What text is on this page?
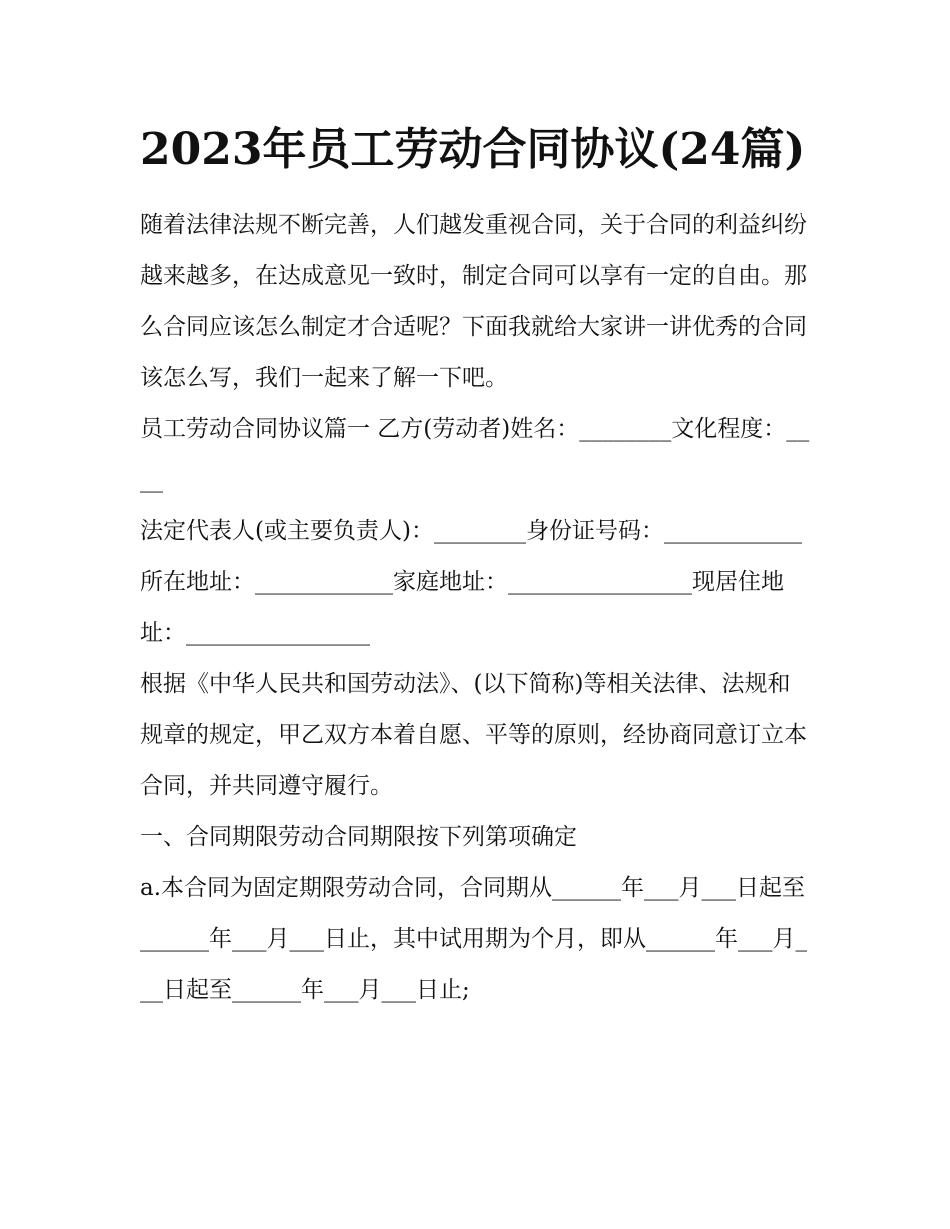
2023年员工劳动合同协议(24篇)

随着法律法规不断完善，人们越发重视合同，关于合同的利益纠纷越来越多，在达成意见一致时，制定合同可以享有一定的自由。那么合同应该怎么制定才合适呢？下面我就给大家讲一讲优秀的合同该怎么写，我们一起来了解一下吧。

员工劳动合同协议篇一 乙方(劳动者)姓名：________文化程度：____

法定代表人(或主要负责人)：________身份证号码：____________所在地址：____________家庭地址：________________现居住地址：________________

根据《中华人民共和国劳动法》、(以下简称)等相关法律、法规和规章的规定，甲乙双方本着自愿、平等的原则，经协商同意订立本合同，并共同遵守履行。

一、合同期限劳动合同期限按下列第项确定

a.本合同为固定期限劳动合同，合同期从______年___月___日起至______年___月___日止，其中试用期为个月，即从______年___月___日起至______年___月___日止;
